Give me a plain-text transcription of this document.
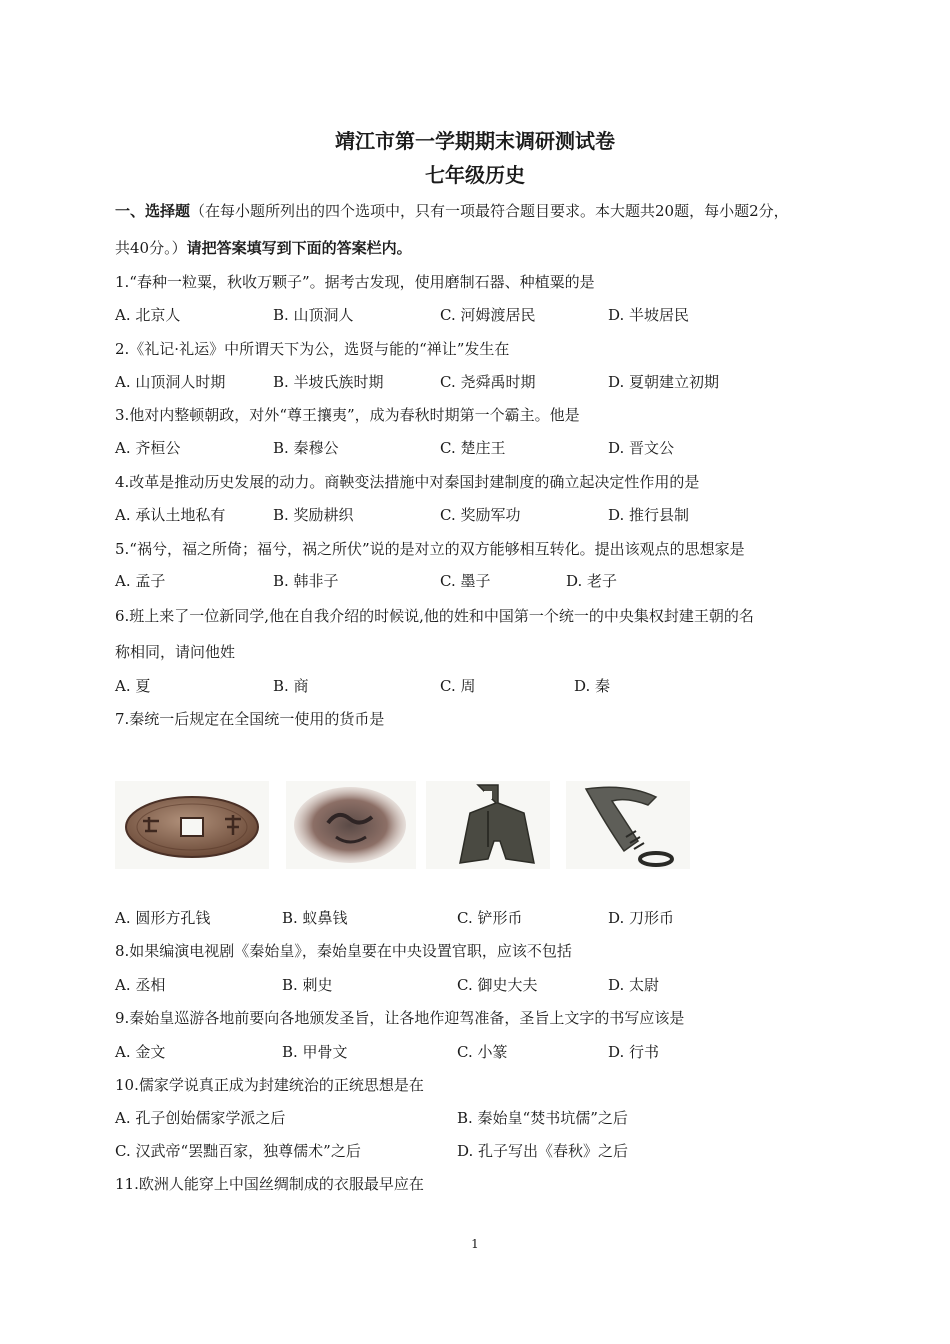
靖江市第一学期期末调研测试卷
七年级历史
一、选择题（在每小题所列出的四个选项中，只有一项最符合题目要求。本大题共20题，每小题2分，
共40分。）请把答案填写到下面的答案栏内。
1.“春种一粒粟，秋收万颗子”。据考古发现，使用磨制石器、种植粟的是
A. 北京人	B. 山顶洞人	C. 河姆渡居民	D. 半坡居民
2.《礼记·礼运》中所谓天下为公，选贤与能的“禅让”发生在
A. 山顶洞人时期	B. 半坡氏族时期	C. 尧舜禹时期	D. 夏朝建立初期
3.他对内整顿朝政，对外“尊王攘夷”，成为春秋时期第一个霸主。他是
A. 齐桓公	B. 秦穆公	C. 楚庄王	D. 晋文公
4.改革是推动历史发展的动力。商鞅变法措施中对秦国封建制度的确立起决定性作用的是
A. 承认土地私有	B. 奖励耕织	C. 奖励军功	D. 推行县制
5.“祸兮，福之所倚；福兮，祸之所伏”说的是对立的双方能够相互转化。提出该观点的思想家是
A. 孟子	B. 韩非子	C. 墨子	D. 老子
6.班上来了一位新同学,他在自我介绍的时候说,他的姓和中国第一个统一的中央集权封建王朝的名
称相同，请问他姓
A. 夏	B. 商	C. 周	D. 秦
7.秦统一后规定在全国统一使用的货币是
A. 圆形方孔钱	B. 蚁鼻钱	C. 铲形币	D. 刀形币
8.如果编演电视剧《秦始皇》，秦始皇要在中央设置官职，应该不包括
A. 丞相	B. 刺史	C. 御史大夫	D. 太尉
9.秦始皇巡游各地前要向各地颁发圣旨，让各地作迎驾准备，圣旨上文字的书写应该是
A. 金文	B. 甲骨文	C. 小篆	D. 行书
10.儒家学说真正成为封建统治的正统思想是在
A. 孔子创始儒家学派之后	B. 秦始皇“焚书坑儒”之后
C. 汉武帝“罢黜百家，独尊儒术”之后	D. 孔子写出《春秋》之后
11.欧洲人能穿上中国丝绸制成的衣服最早应在
1
